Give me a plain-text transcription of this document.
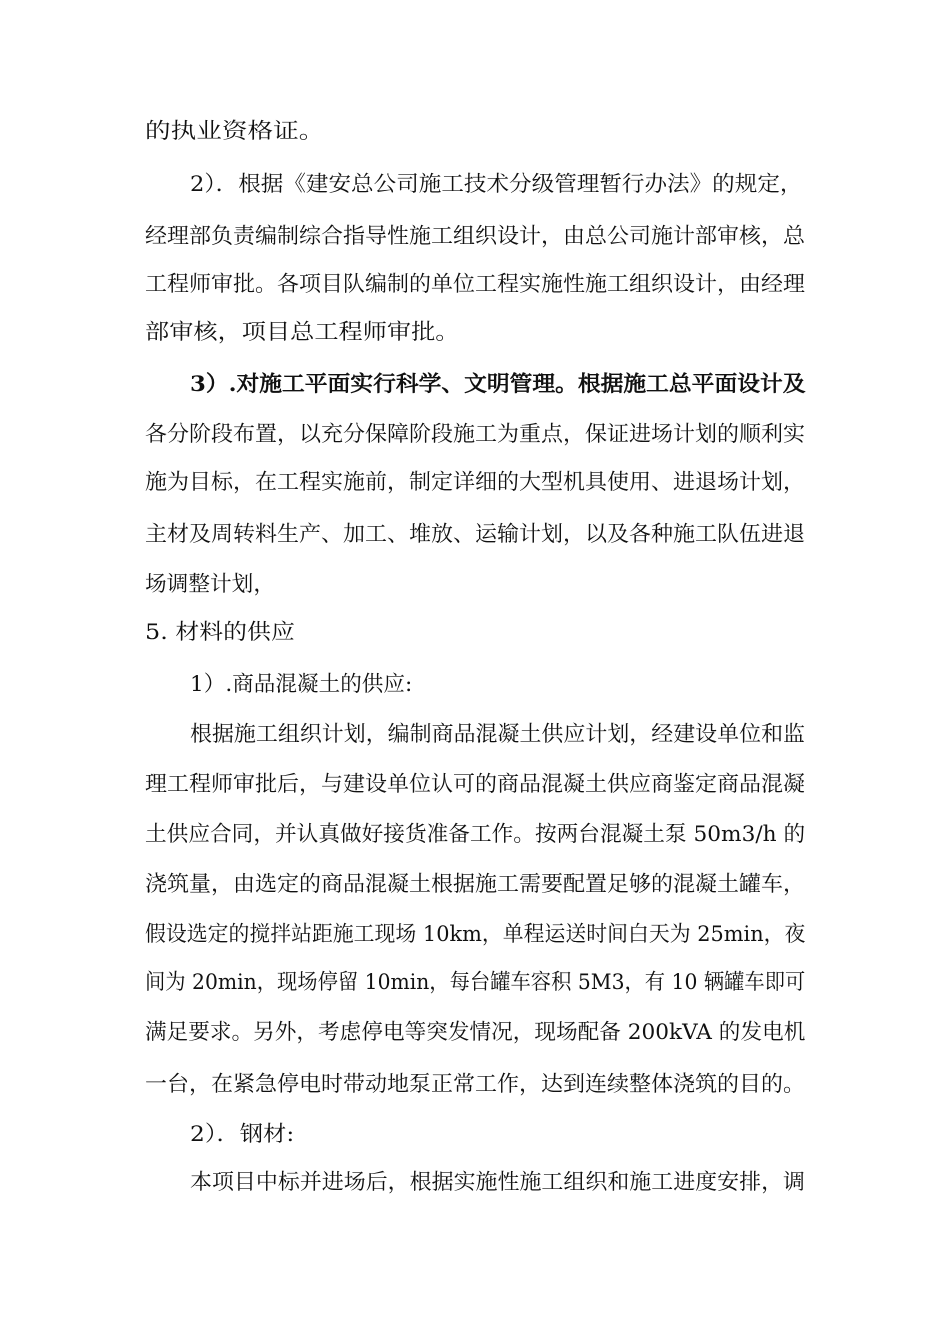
的执业资格证。
2）．根据《建安总公司施工技术分级管理暂行办法》的规定，
经理部负责编制综合指导性施工组织设计，由总公司施计部审核，总
工程师审批。各项目队编制的单位工程实施性施工组织设计，由经理
部审核，项目总工程师审批。
3）.对施工平面实行科学、文明管理。根据施工总平面设计及
各分阶段布置，以充分保障阶段施工为重点，保证进场计划的顺利实
施为目标，在工程实施前，制定详细的大型机具使用、进退场计划，
主材及周转料生产、加工、堆放、运输计划，以及各种施工队伍进退
场调整计划，
5. 材料的供应
1）.商品混凝土的供应:
根据施工组织计划，编制商品混凝土供应计划，经建设单位和监
理工程师审批后，与建设单位认可的商品混凝土供应商鉴定商品混凝
土供应合同，并认真做好接货准备工作。按两台混凝土泵 50m3/h 的
浇筑量，由选定的商品混凝土根据施工需要配置足够的混凝土罐车，
假设选定的搅拌站距施工现场 10km，单程运送时间白天为 25min，夜
间为 20min，现场停留 10min，每台罐车容积 5M3，有 10 辆罐车即可
满足要求。另外，考虑停电等突发情况，现场配备 200kVA 的发电机
一台，在紧急停电时带动地泵正常工作，达到连续整体浇筑的目的。
2）．钢材:
本项目中标并进场后，根据实施性施工组织和施工进度安排，调
